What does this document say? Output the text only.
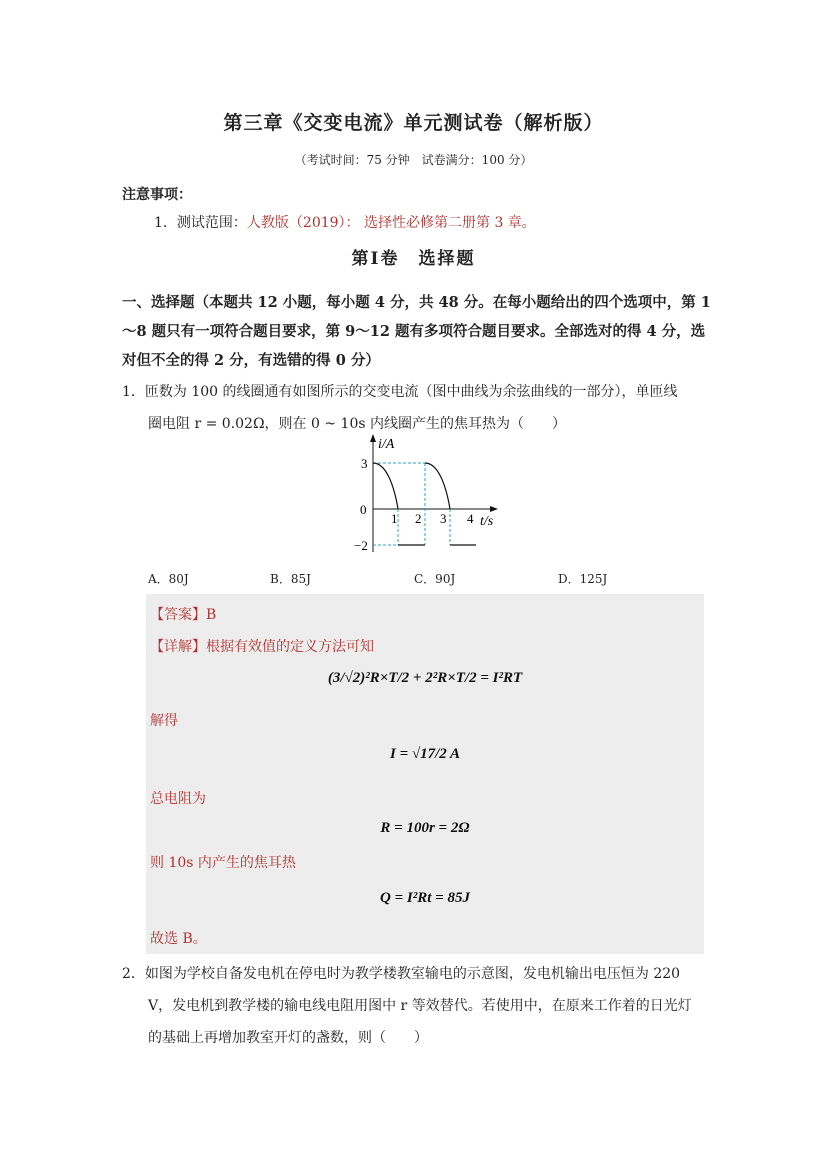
第三章《交变电流》单元测试卷（解析版）
（考试时间：75 分钟　试卷满分：100 分）
注意事项：
1．测试范围：人教版（2019）： 选择性必修第二册第 3 章。
第Ⅰ卷　选择题
一、选择题（本题共 12 小题，每小题 4 分，共 48 分。在每小题给出的四个选项中，第 1～8 题只有一项符合题目要求，第 9～12 题有多项符合题目要求。全部选对的得 4 分，选对但不全的得 2 分，有选错的得 0 分）
1．匝数为 100 的线圈通有如图所示的交变电流（图中曲线为余弦曲线的一部分），单匝线
圈电阻 r = 0.02Ω，则在 0 ~ 10s 内线圈产生的焦耳热为（　　）
i/A
t/s
0
3
−2
1 2 3 4
A．80J	B．85J	C．90J	D．125J
【答案】B
【详解】根据有效值的定义方法可知
(3/√2)²R×T/2 + 2²R×T/2 = I²RT
解得
I = √17/2 A
总电阻为
R = 100r = 2Ω
则 10s 内产生的焦耳热
Q = I²Rt = 85J
故选 B。
2．如图为学校自备发电机在停电时为教学楼教室输电的示意图，发电机输出电压恒为 220
V，发电机到教学楼的输电线电阻用图中 r 等效替代。若使用中，在原来工作着的日光灯
的基础上再增加教室开灯的盏数，则（　　）
